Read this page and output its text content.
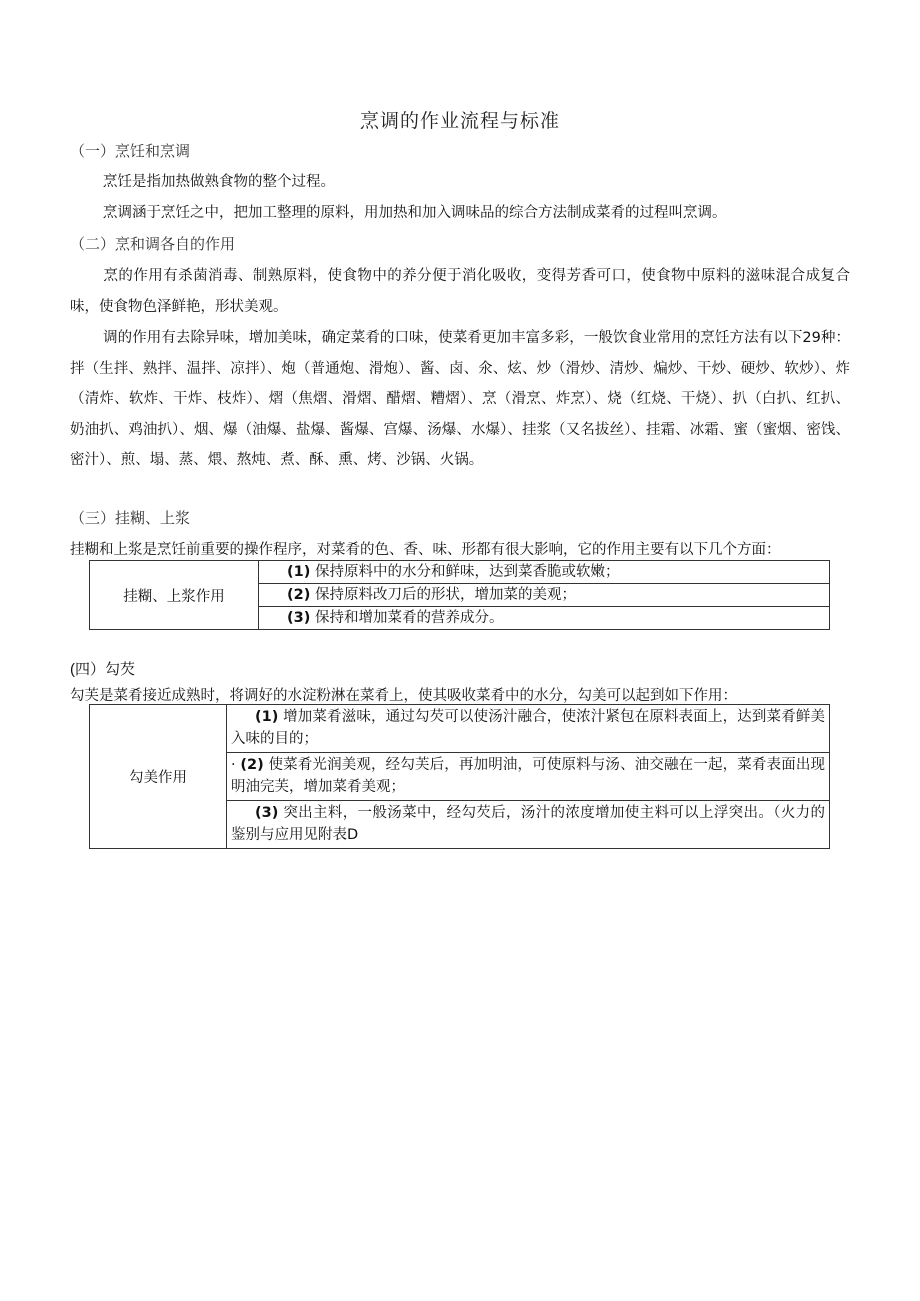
烹调的作业流程与标准
（一）烹饪和烹调
烹饪是指加热做熟食物的整个过程。
烹调涵于烹饪之中，把加工整理的原料，用加热和加入调味品的综合方法制成菜肴的过程叫烹调。
（二）烹和调各自的作用
烹的作用有杀菌消毒、制熟原料，使食物中的养分便于消化吸收，变得芳香可口，使食物中原料的滋味混合成复合味，使食物色泽鲜艳，形状美观。
调的作用有去除异味，增加美味，确定菜肴的口味，使菜肴更加丰富多彩，一般饮食业常用的烹饪方法有以下29种：拌（生拌、熟拌、温拌、凉拌）、炮（普通炮、滑炮）、酱、卤、氽、炫、炒（滑炒、清炒、煸炒、干炒、硬炒、软炒）、炸（清炸、软炸、干炸、枝炸）、熠（焦熠、滑熠、醋熠、糟熠）、烹（滑烹、炸烹）、烧（红烧、干烧）、扒（白扒、红扒、奶油扒、鸡油扒）、烟、爆（油爆、盐爆、酱爆、宫爆、汤爆、水爆）、挂浆（又名拔丝）、挂霜、冰霜、蜜（蜜烟、密饯、密汁）、煎、塌、蒸、煨、熬炖、煮、酥、熏、烤、沙锅、火锅。
（三）挂糊、上浆
挂糊和上浆是烹饪前重要的操作程序，对菜肴的色、香、味、形都有很大影响，它的作用主要有以下几个方面：
挂糊、上浆作用	(1) 保持原料中的水分和鲜味，达到菜香脆或软嫩；
(2) 保持原料改刀后的形状，增加菜的美观；
(3) 保持和增加菜肴的营养成分。
(四）勾芡
勾芙是菜肴接近成熟时，将调好的水淀粉淋在菜肴上，使其吸收菜肴中的水分，勾美可以起到如下作用：
勾美作用	(1) 增加菜肴滋味，通过勾芡可以使汤汁融合，使浓汁紧包在原料表面上，达到菜肴鲜美入味的目的；
· (2) 使菜肴光润美观，经勾芙后，再加明油，可使原料与汤、油交融在一起，菜肴表面出现明油完芙，增加菜肴美观；
(3) 突出主料，一般汤菜中，经勾芡后，汤汁的浓度增加使主料可以上浮突出。（火力的鉴别与应用见附表D
